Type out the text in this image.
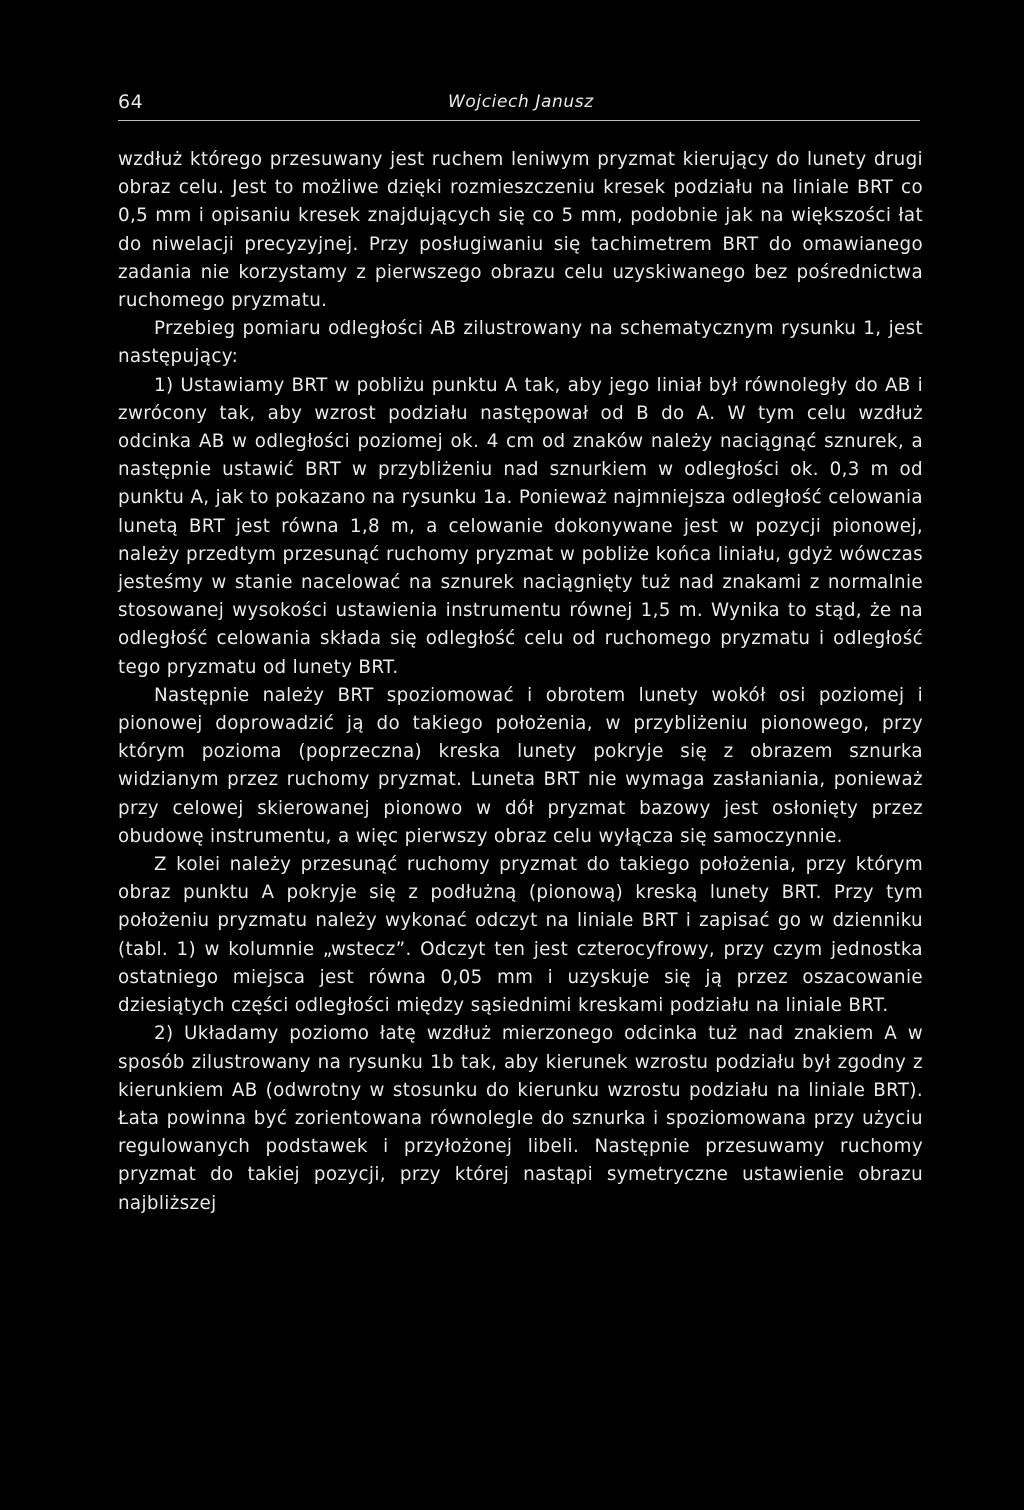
64	Wojciech Janusz

wzdłuż którego przesuwany jest ruchem leniwym pryzmat kierujący do lunety drugi obraz celu. Jest to możliwe dzięki rozmieszczeniu kresek podziału na liniale BRT co 0,5 mm i opisaniu kresek znajdujących się co 5 mm, podobnie jak na większości łat do niwelacji precyzyjnej. Przy posługiwaniu się tachimetrem BRT do omawianego zadania nie korzystamy z pierwszego obrazu celu uzyskiwanego bez pośrednictwa ruchomego pryzmatu.

Przebieg pomiaru odległości AB zilustrowany na schematycznym rysunku 1, jest następujący:

1) Ustawiamy BRT w pobliżu punktu A tak, aby jego liniał był równoległy do AB i zwrócony tak, aby wzrost podziału następował od B do A. W tym celu wzdłuż odcinka AB w odległości poziomej ok. 4 cm od znaków należy naciągnąć sznurek, a następnie ustawić BRT w przybliżeniu nad sznurkiem w odległości ok. 0,3 m od punktu A, jak to pokazano na rysunku 1a. Ponieważ najmniejsza odległość celowania lunetą BRT jest równa 1,8 m, a celowanie dokonywane jest w pozycji pionowej, należy przedtym przesunąć ruchomy pryzmat w pobliże końca liniału, gdyż wówczas jesteśmy w stanie nacelować na sznurek naciągnięty tuż nad znakami z normalnie stosowanej wysokości ustawienia instrumentu równej 1,5 m. Wynika to stąd, że na odległość celowania składa się odległość celu od ruchomego pryzmatu i odległość tego pryzmatu od lunety BRT.

Następnie należy BRT spoziomować i obrotem lunety wokół osi poziomej i pionowej doprowadzić ją do takiego położenia, w przybliżeniu pionowego, przy którym pozioma (poprzeczna) kreska lunety pokryje się z obrazem sznurka widzianym przez ruchomy pryzmat. Luneta BRT nie wymaga zasłaniania, ponieważ przy celowej skierowanej pionowo w dół pryzmat bazowy jest osłonięty przez obudowę instrumentu, a więc pierwszy obraz celu wyłącza się samoczynnie.

Z kolei należy przesunąć ruchomy pryzmat do takiego położenia, przy którym obraz punktu A pokryje się z podłużną (pionową) kreską lunety BRT. Przy tym położeniu pryzmatu należy wykonać odczyt na liniale BRT i zapisać go w dzienniku (tabl. 1) w kolumnie „wstecz”. Odczyt ten jest czterocyfrowy, przy czym jednostka ostatniego miejsca jest równa 0,05 mm i uzyskuje się ją przez oszacowanie dziesiątych części odległości między sąsiednimi kreskami podziału na liniale BRT.

2) Układamy poziomo łatę wzdłuż mierzonego odcinka tuż nad znakiem A w sposób zilustrowany na rysunku 1b tak, aby kierunek wzrostu podziału był zgodny z kierunkiem AB (odwrotny w stosunku do kierunku wzrostu podziału na liniale BRT). Łata powinna być zorientowana równolegle do sznurka i spoziomowana przy użyciu regulowanych podstawek i przyłożonej libeli. Następnie przesuwamy ruchomy pryzmat do takiej pozycji, przy której nastąpi symetryczne ustawienie obrazu najbliższej
